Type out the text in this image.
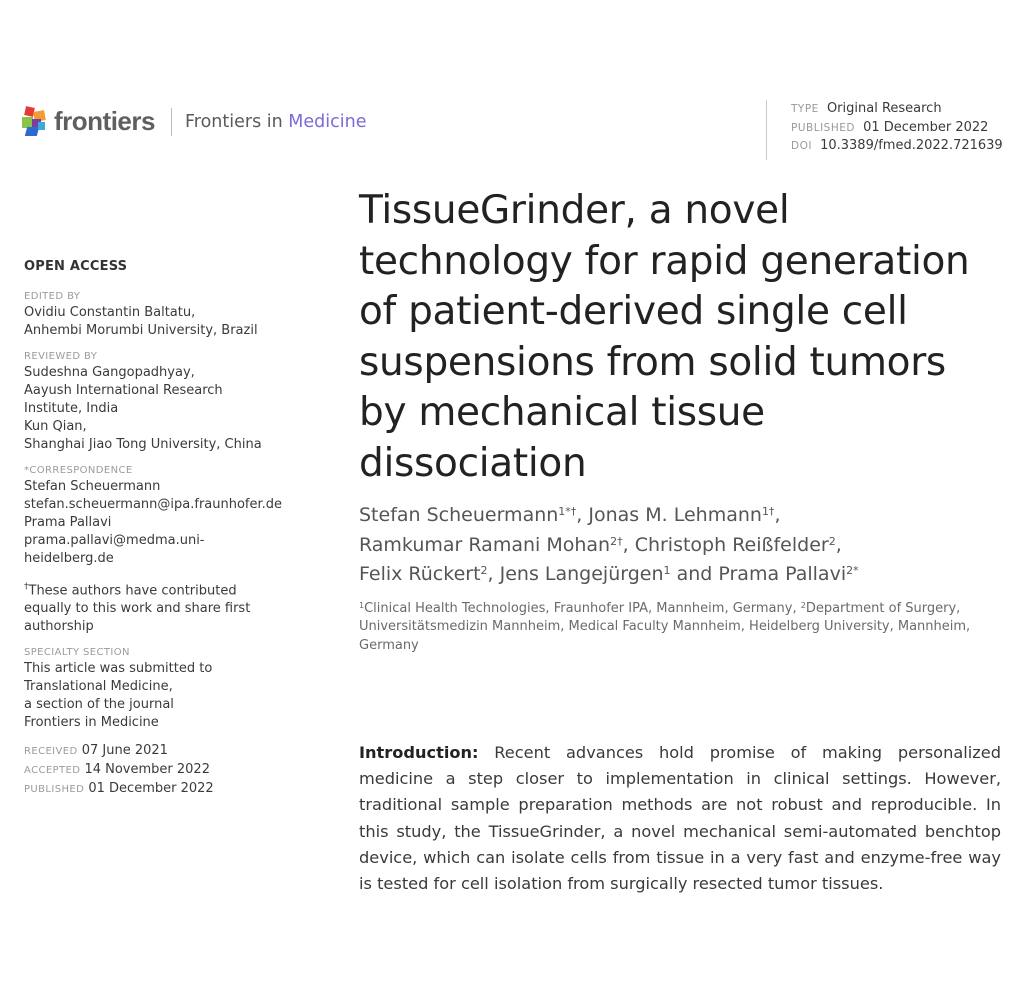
frontiers Frontiers in Medicine
TYPE Original Research
PUBLISHED 01 December 2022
DOI 10.3389/fmed.2022.721639
OPEN ACCESS
EDITED BY
Ovidiu Constantin Baltatu,
Anhembi Morumbi University, Brazil
REVIEWED BY
Sudeshna Gangopadhyay,
Aayush International Research
Institute, India
Kun Qian,
Shanghai Jiao Tong University, China
*CORRESPONDENCE
Stefan Scheuermann
stefan.scheuermann@ipa.fraunhofer.de
Prama Pallavi
prama.pallavi@medma.uni-
heidelberg.de
†These authors have contributed
equally to this work and share first
authorship
SPECIALTY SECTION
This article was submitted to
Translational Medicine,
a section of the journal
Frontiers in Medicine
RECEIVED 07 June 2021
ACCEPTED 14 November 2022
PUBLISHED 01 December 2022
TissueGrinder, a novel
technology for rapid generation
of patient-derived single cell
suspensions from solid tumors
by mechanical tissue
dissociation
Stefan Scheuermann$^{1*\dagger}$, Jonas M. Lehmann$^{1\dagger}$,
Ramkumar Ramani Mohan$^{2\dagger}$, Christoph Reißfelder$^2$,
Felix Rückert$^2$, Jens Langejürgen$^1$ and Prama Pallavi$^{2*}$
$^1$Clinical Health Technologies, Fraunhofer IPA, Mannheim, Germany, $^2$Department of Surgery, Universitätsmedizin Mannheim, Medical Faculty Mannheim, Heidelberg University, Mannheim, Germany
Introduction: Recent advances hold promise of making personalized medicine a step closer to implementation in clinical settings. However, traditional sample preparation methods are not robust and reproducible. In this study, the TissueGrinder, a novel mechanical semi-automated benchtop device, which can isolate cells from tissue in a very fast and enzyme-free way is tested for cell isolation from surgically resected tumor tissues.
